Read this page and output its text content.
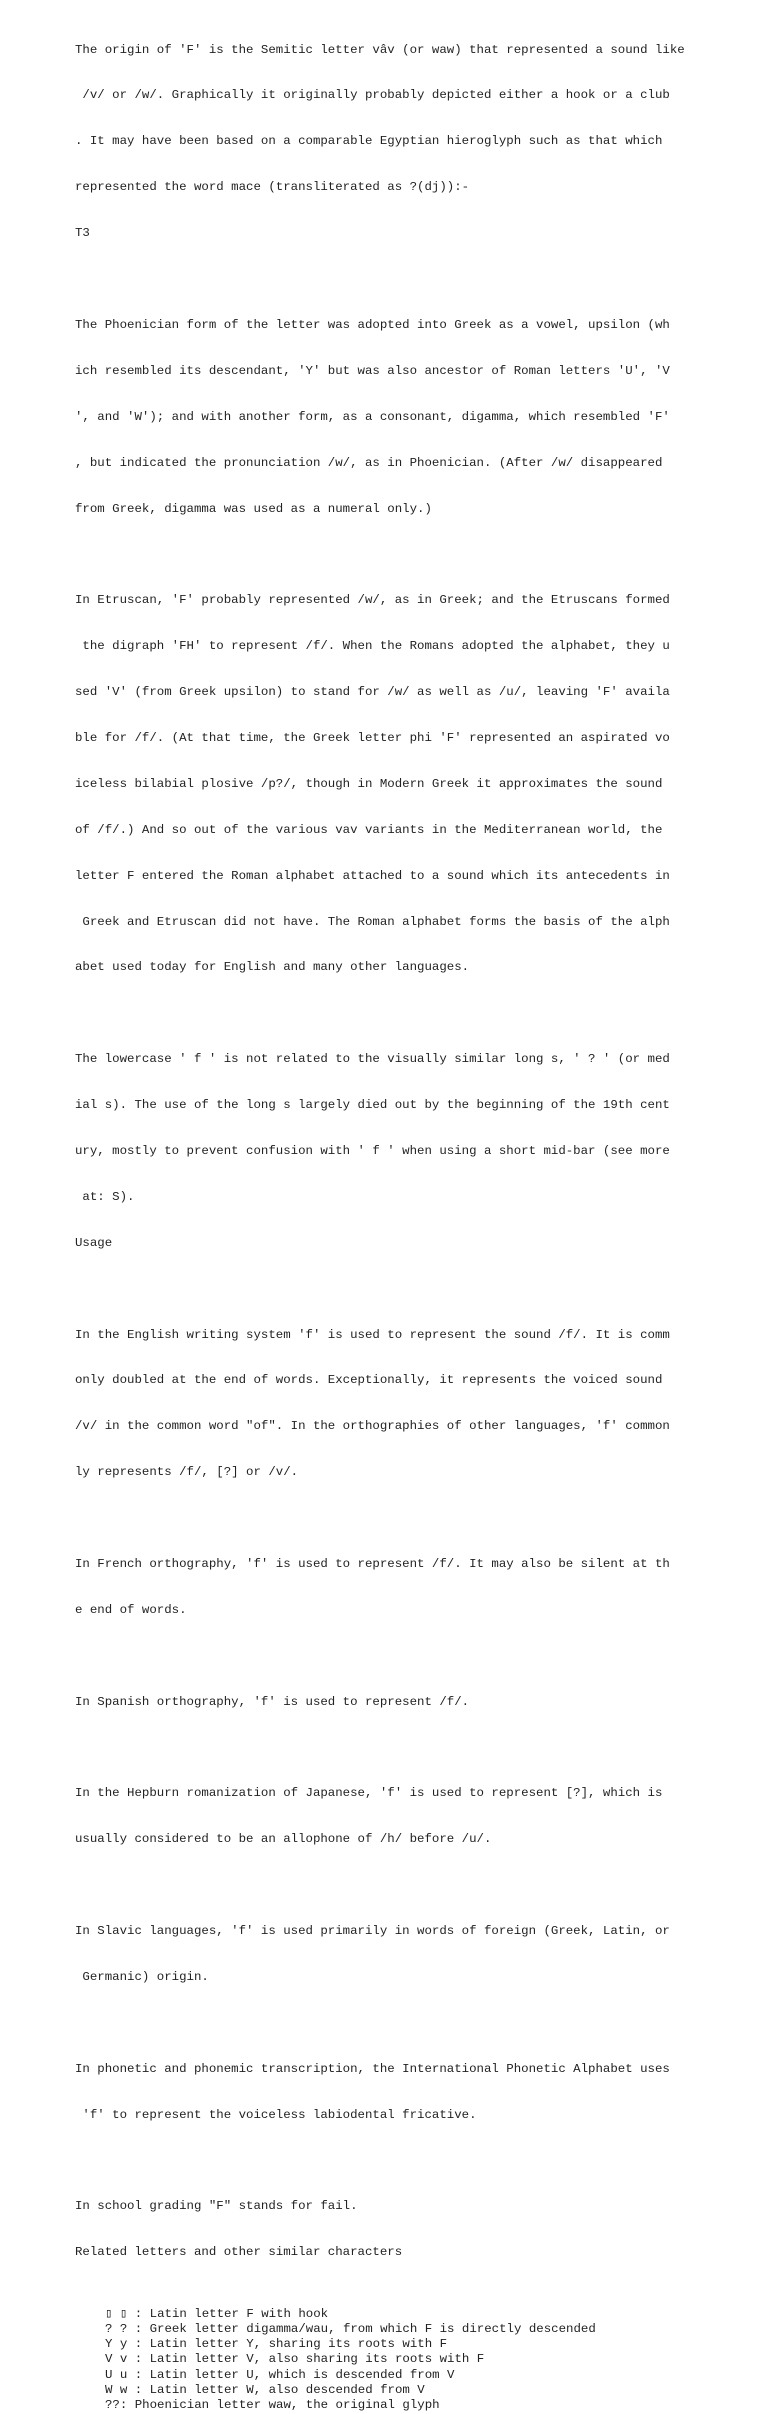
The origin of 'F' is the Semitic letter vâv (or waw) that represented a sound like

/v/ or /w/. Graphically it originally probably depicted either a hook or a club

. It may have been based on a comparable Egyptian hieroglyph such as that which

represented the word mace (transliterated as ?(dj)):-

T3

The Phoenician form of the letter was adopted into Greek as a vowel, upsilon (wh

ich resembled its descendant, 'Y' but was also ancestor of Roman letters 'U', 'V

', and 'W'); and with another form, as a consonant, digamma, which resembled 'F'

, but indicated the pronunciation /w/, as in Phoenician. (After /w/ disappeared

from Greek, digamma was used as a numeral only.)

In Etruscan, 'F' probably represented /w/, as in Greek; and the Etruscans formed

the digraph 'FH' to represent /f/. When the Romans adopted the alphabet, they u

sed 'V' (from Greek upsilon) to stand for /w/ as well as /u/, leaving 'F' availa

ble for /f/. (At that time, the Greek letter phi 'F' represented an aspirated vo

iceless bilabial plosive /p?/, though in Modern Greek it approximates the sound

of /f/.) And so out of the various vav variants in the Mediterranean world, the

letter F entered the Roman alphabet attached to a sound which its antecedents in

Greek and Etruscan did not have. The Roman alphabet forms the basis of the alph

abet used today for English and many other languages.

The lowercase ' f ' is not related to the visually similar long s, ' ? ' (or med

ial s). The use of the long s largely died out by the beginning of the 19th cent

ury, mostly to prevent confusion with ' f ' when using a short mid-bar (see more

at: S).

Usage

In the English writing system 'f' is used to represent the sound /f/. It is comm

only doubled at the end of words. Exceptionally, it represents the voiced sound

/v/ in the common word "of". In the orthographies of other languages, 'f' common

ly represents /f/, [?] or /v/.

In French orthography, 'f' is used to represent /f/. It may also be silent at th

e end of words.

In Spanish orthography, 'f' is used to represent /f/.

In the Hepburn romanization of Japanese, 'f' is used to represent [?], which is

usually considered to be an allophone of /h/ before /u/.

In Slavic languages, 'f' is used primarily in words of foreign (Greek, Latin, or

Germanic) origin.

In phonetic and phonemic transcription, the International Phonetic Alphabet uses

'f' to represent the voiceless labiodental fricative.

In school grading "F" stands for fail.

Related letters and other similar characters

▯ ▯ : Latin letter F with hook
? ? : Greek letter digamma/wau, from which F is directly descended
Y y : Latin letter Y, sharing its roots with F
V v : Latin letter V, also sharing its roots with F
U u : Latin letter U, which is descended from V
W w : Latin letter W, also descended from V
??: Phoenician letter waw, the original glyph
